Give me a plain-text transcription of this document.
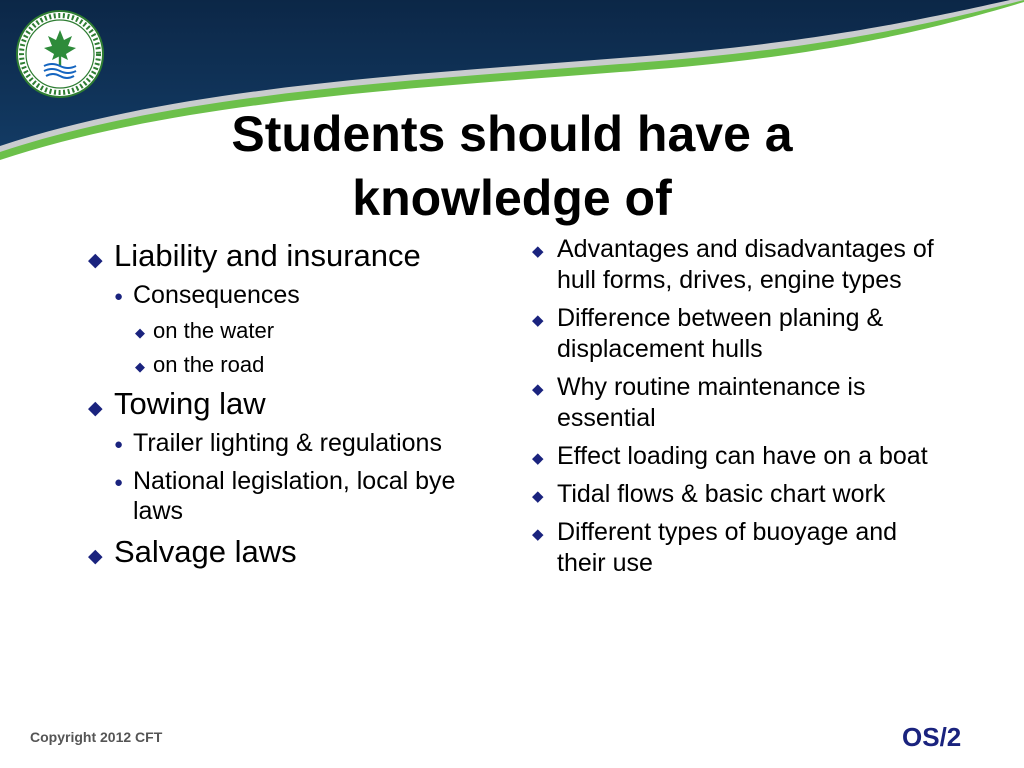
Students should have a
knowledge of
◆ Liability and insurance
● Consequences
◆ on the water
◆ on the road
◆ Towing law
● Trailer lighting & regulations
● National legislation, local bye laws
◆ Salvage laws
◆ Advantages and disadvantages of hull forms, drives, engine types
◆ Difference between planing & displacement hulls
◆ Why routine maintenance is essential
◆ Effect loading can have on a boat
◆ Tidal flows & basic chart work
◆ Different types of buoyage and their use
Copyright 2012 CFT	OS/2
